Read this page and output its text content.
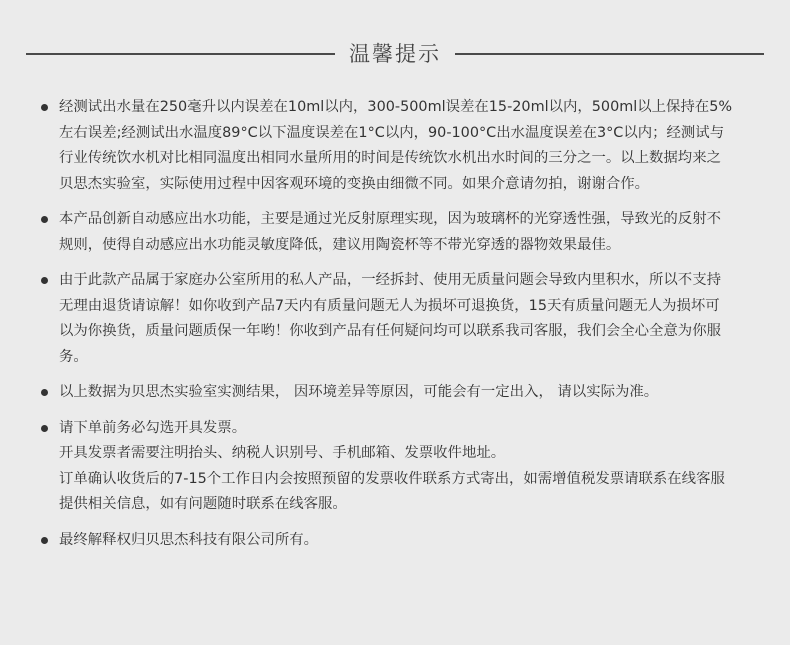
温馨提示
经测试出水量在250毫升以内误差在10ml以内，300-500ml误差在15-20ml以内，500ml以上保持在5%左右误差;经测试出水温度89°C以下温度误差在1°C以内，90-100°C出水温度误差在3°C以内；经测试与行业传统饮水机对比相同温度出相同水量所用的时间是传统饮水机出水时间的三分之一。以上数据均来之贝思杰实验室，实际使用过程中因客观环境的变换由细微不同。如果介意请勿拍，谢谢合作。
本产品创新自动感应出水功能，主要是通过光反射原理实现，因为玻璃杯的光穿透性强，导致光的反射不规则，使得自动感应出水功能灵敏度降低，建议用陶瓷杯等不带光穿透的器物效果最佳。
由于此款产品属于家庭办公室所用的私人产品，一经拆封、使用无质量问题会导致内里积水，所以不支持无理由退货请谅解！如你收到产品7天内有质量问题无人为损坏可退换货，15天有质量问题无人为损坏可以为你换货，质量问题质保一年哟！你收到产品有任何疑问均可以联系我司客服，我们会全心全意为你服务。
以上数据为贝思杰实验室实测结果， 因环境差异等原因，可能会有一定出入， 请以实际为准。
请下单前务必勾选开具发票。
开具发票者需要注明抬头、纳税人识别号、手机邮箱、发票收件地址。
订单确认收货后的7-15个工作日内会按照预留的发票收件联系方式寄出，如需增值税发票请联系在线客服提供相关信息，如有问题随时联系在线客服。
最终解释权归贝思杰科技有限公司所有。
